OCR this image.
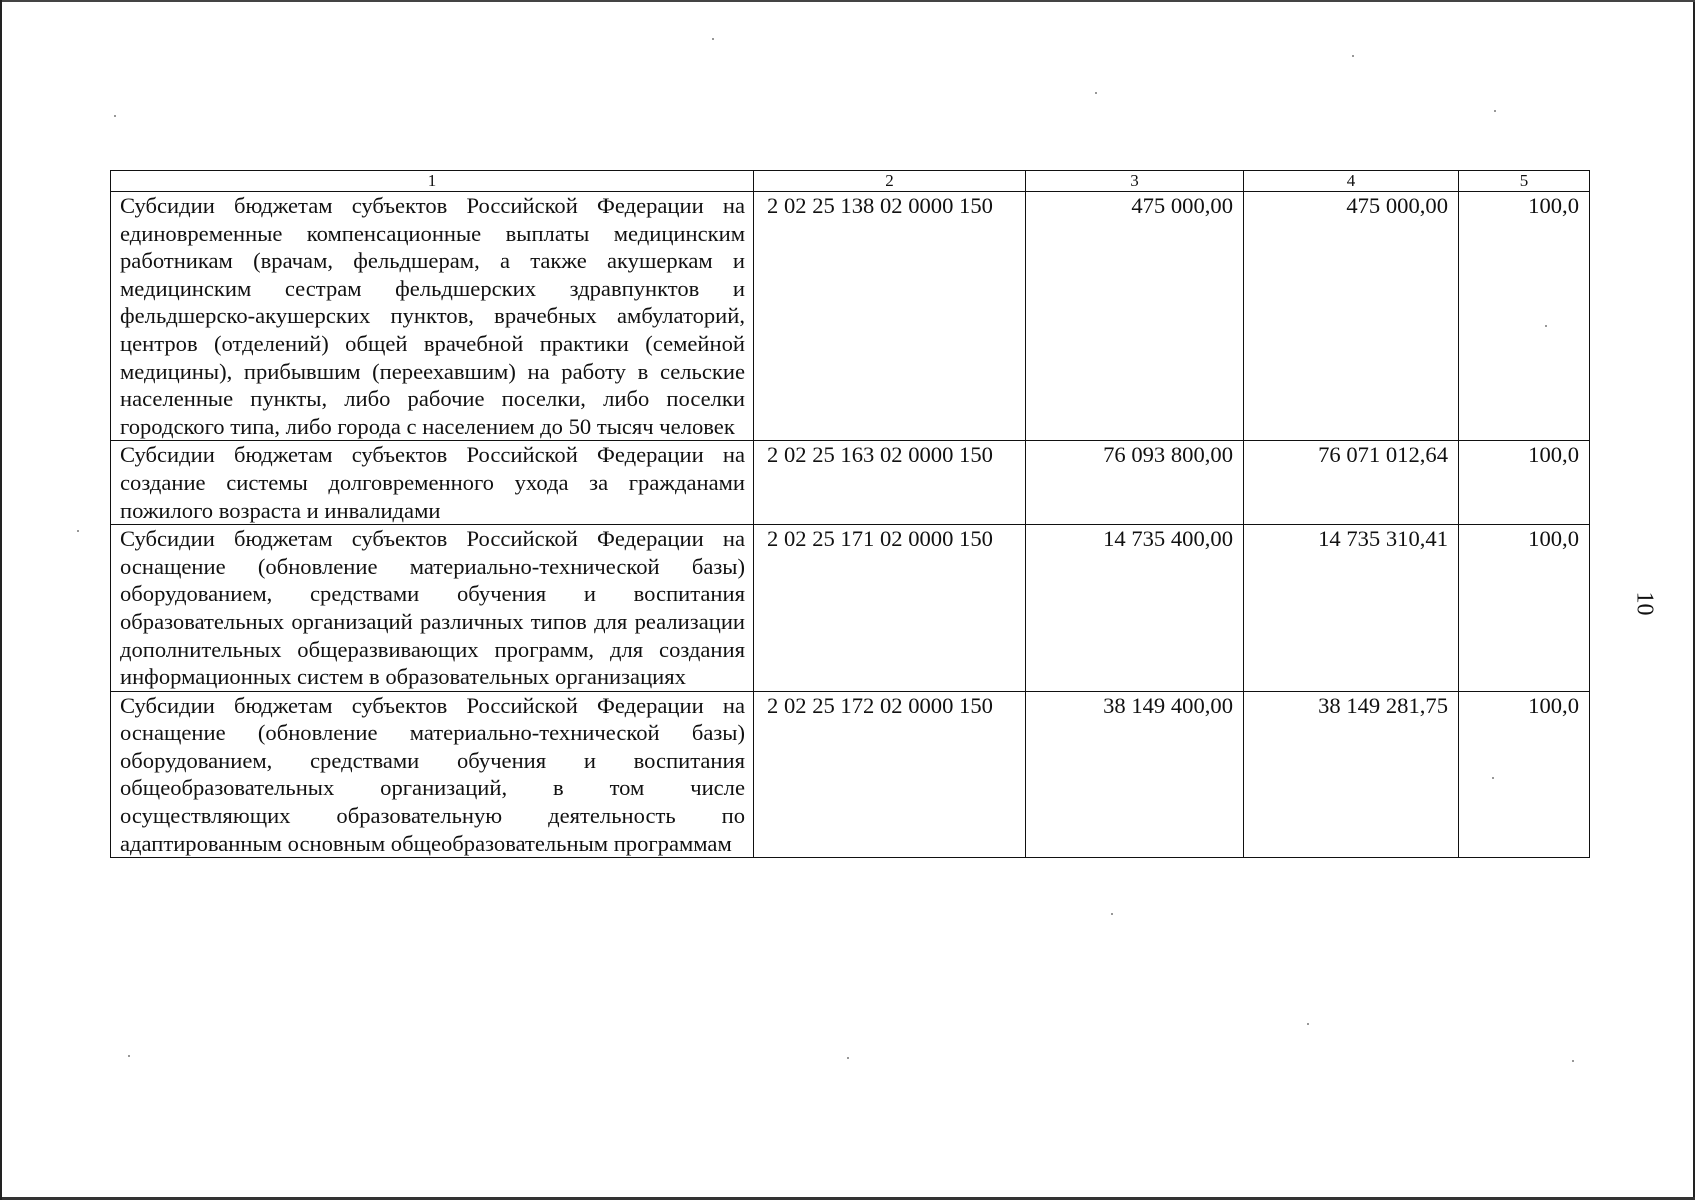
1	2	3	4	5
Субсидии бюджетам субъектов Российской Федерации на единовременные компенсационные выплаты медицинским работникам (врачам, фельдшерам, а также акушеркам и медицинским сестрам фельдшерских здравпунктов и фельдшерско-акушерских пунктов, врачебных амбулаторий, центров (отделений) общей врачебной практики (семейной медицины), прибывшим (переехавшим) на работу в сельские населенные пункты, либо рабочие поселки, либо поселки городского типа, либо города с населением до 50 тысяч человек	2 02 25 138 02 0000 150	475 000,00	475 000,00	100,0
Субсидии бюджетам субъектов Российской Федерации на создание системы долговременного ухода за гражданами пожилого возраста и инвалидами	2 02 25 163 02 0000 150	76 093 800,00	76 071 012,64	100,0
Субсидии бюджетам субъектов Российской Федерации на оснащение (обновление материально-технической базы) оборудованием, средствами обучения и воспитания образовательных организаций различных типов для реализации дополнительных общеразвивающих программ, для создания информационных систем в образовательных организациях	2 02 25 171 02 0000 150	14 735 400,00	14 735 310,41	100,0
Субсидии бюджетам субъектов Российской Федерации на оснащение (обновление материально-технической базы) оборудованием, средствами обучения и воспитания общеобразовательных организаций, в том числе осуществляющих образовательную деятельность по адаптированным основным общеобразовательным программам	2 02 25 172 02 0000 150	38 149 400,00	38 149 281,75	100,0
10
